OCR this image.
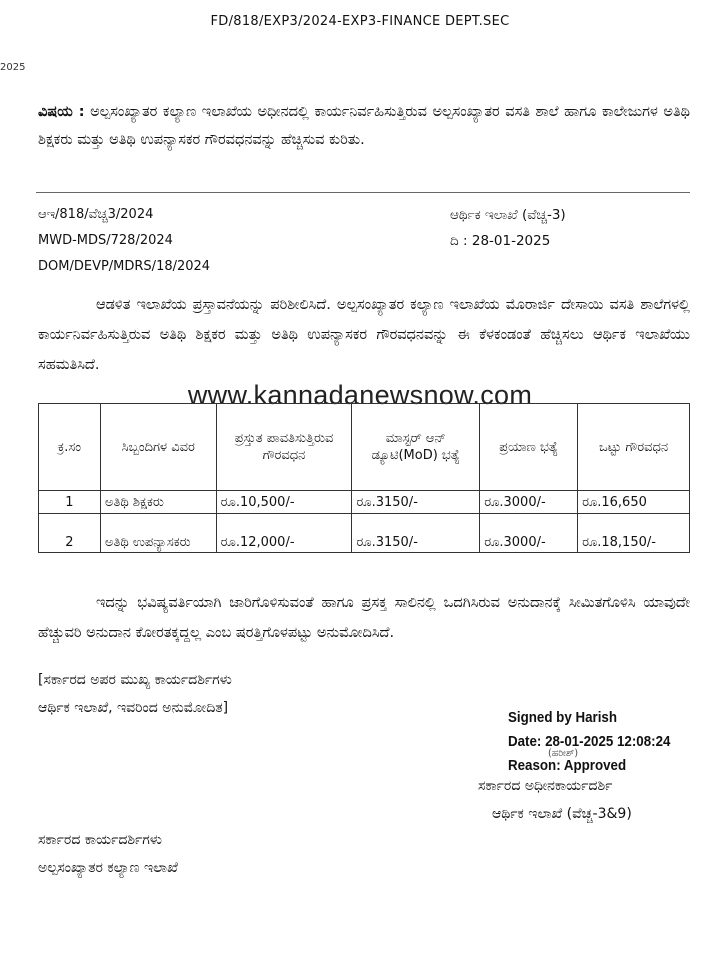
FD/818/EXP3/2024-EXP3-FINANCE DEPT.SEC
2025
ವಿಷಯ : ಅಲ್ಪಸಂಖ್ಯಾತರ ಕಲ್ಯಾಣ ಇಲಾಖೆಯ ಅಧೀನದಲ್ಲಿ ಕಾರ್ಯನಿರ್ವಹಿಸುತ್ತಿರುವ ಅಲ್ಪಸಂಖ್ಯಾತರ ವಸತಿ ಶಾಲೆ ಹಾಗೂ ಕಾಲೇಜುಗಳ ಅತಿಥಿ ಶಿಕ್ಷಕರು ಮತ್ತು ಅತಿಥಿ ಉಪನ್ಯಾಸಕರ ಗೌರವಧನವನ್ನು ಹೆಚ್ಚಿಸುವ ಕುರಿತು.
ಆಇ/818/ವೆಚ್ಚ3/2024
MWD-MDS/728/2024
DOM/DEVP/MDRS/18/2024
ಆರ್ಥಿಕ ಇಲಾಖೆ (ವೆಚ್ಚ-3)
ದಿ : 28-01-2025
ಆಡಳಿತ ಇಲಾಖೆಯ ಪ್ರಸ್ತಾವನೆಯನ್ನು ಪರಿಶೀಲಿಸಿದೆ. ಅಲ್ಪಸಂಖ್ಯಾತರ ಕಲ್ಯಾಣ ಇಲಾಖೆಯ ಮೊರಾರ್ಜಿ ದೇಸಾಯಿ ವಸತಿ ಶಾಲೆಗಳಲ್ಲಿ ಕಾರ್ಯನಿರ್ವಹಿಸುತ್ತಿರುವ ಅತಿಥಿ ಶಿಕ್ಷಕರ ಮತ್ತು ಅತಿಥಿ ಉಪನ್ಯಾಸಕರ ಗೌರವಧನವನ್ನು ಈ ಕೆಳಕಂಡಂತೆ ಹೆಚ್ಚಿಸಲು ಆರ್ಥಿಕ ಇಲಾಖೆಯು ಸಹಮತಿಸಿದೆ.
www.kannadanewsnow.com
ಕ್ರ.ಸಂ	ಸಿಬ್ಬಂದಿಗಳ ವಿವರ	ಪ್ರಸ್ತುತ ಪಾವತಿಸುತ್ತಿರುವ ಗೌರವಧನ	ಮಾಸ್ಟರ್ ಆನ್ ಡ್ಯೂಟಿ(MoD) ಭತ್ಯೆ	ಪ್ರಯಾಣ ಭತ್ಯೆ	ಒಟ್ಟು ಗೌರವಧನ
1	ಅತಿಥಿ ಶಿಕ್ಷಕರು	ರೂ.10,500/-	ರೂ.3150/-	ರೂ.3000/-	ರೂ.16,650
2	ಅತಿಥಿ ಉಪನ್ಯಾಸಕರು	ರೂ.12,000/-	ರೂ.3150/-	ರೂ.3000/-	ರೂ.18,150/-
ಇದನ್ನು ಭವಿಷ್ಯವರ್ತಿಯಾಗಿ ಜಾರಿಗೊಳಿಸುವಂತೆ ಹಾಗೂ ಪ್ರಸಕ್ತ ಸಾಲಿನಲ್ಲಿ ಒದಗಿಸಿರುವ ಅನುದಾನಕ್ಕೆ ಸೀಮಿತಗೊಳಿಸಿ ಯಾವುದೇ ಹೆಚ್ಚುವರಿ ಅನುದಾನ ಕೋರತಕ್ಕದ್ದಲ್ಲ ಎಂಬ ಷರತ್ತಿಗೊಳಪಟ್ಟು ಅನುಮೋದಿಸಿದೆ.
[ಸರ್ಕಾರದ ಅಪರ ಮುಖ್ಯ ಕಾರ್ಯದರ್ಶಿಗಳು
ಆರ್ಥಿಕ ಇಲಾಖೆ, ಇವರಿಂದ ಅನುಮೋದಿತ]
Signed by Harish
Date: 28-01-2025 12:08:24
Reason: Approved
(ಹರೀಶ್)
ಸರ್ಕಾರದ ಅಧೀನಕಾರ್ಯದರ್ಶಿ
ಆರ್ಥಿಕ ಇಲಾಖೆ (ವೆಚ್ಚ-3&9)
ಸರ್ಕಾರದ ಕಾರ್ಯದರ್ಶಿಗಳು
ಅಲ್ಪಸಂಖ್ಯಾತರ ಕಲ್ಯಾಣ ಇಲಾಖೆ
